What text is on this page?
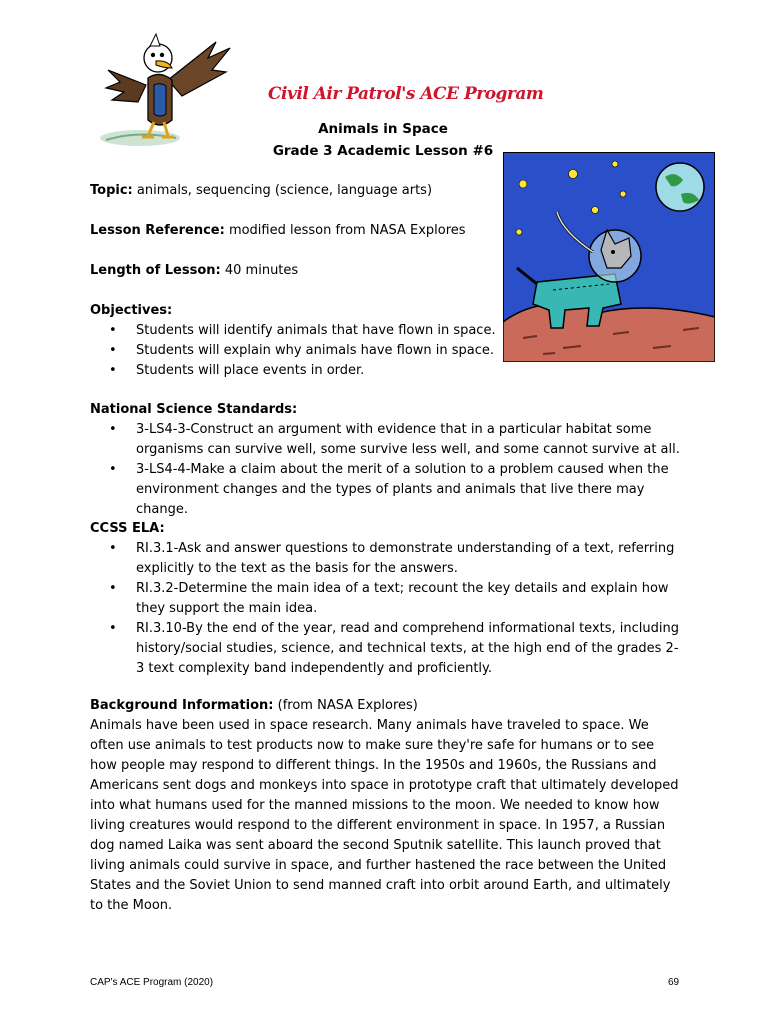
Civil Air Patrol's ACE Program
Animals in Space
Grade 3 Academic Lesson #6
Topic: animals, sequencing (science, language arts)
Lesson Reference: modified lesson from NASA Explores
Length of Lesson: 40 minutes
Objectives:
• Students will identify animals that have flown in space.
• Students will explain why animals have flown in space.
• Students will place events in order.
National Science Standards:
• 3-LS4-3-Construct an argument with evidence that in a particular habitat some organisms can survive well, some survive less well, and some cannot survive at all.
• 3-LS4-4-Make a claim about the merit of a solution to a problem caused when the environment changes and the types of plants and animals that live there may change.
CCSS ELA:
• RI.3.1-Ask and answer questions to demonstrate understanding of a text, referring explicitly to the text as the basis for the answers.
• RI.3.2-Determine the main idea of a text; recount the key details and explain how they support the main idea.
• RI.3.10-By the end of the year, read and comprehend informational texts, including history/social studies, science, and technical texts, at the high end of the grades 2-3 text complexity band independently and proficiently.
Background Information: (from NASA Explores)

Animals have been used in space research. Many animals have traveled to space. We often use animals to test products now to make sure they're safe for humans or to see how people may respond to different things. In the 1950s and 1960s, the Russians and Americans sent dogs and monkeys into space in prototype craft that ultimately developed into what humans used for the manned missions to the moon. We needed to know how living creatures would respond to the different environment in space. In 1957, a Russian dog named Laika was sent aboard the second Sputnik satellite. This launch proved that living animals could survive in space, and further hastened the race between the United States and the Soviet Union to send manned craft into orbit around Earth, and ultimately to the Moon.

CAP's ACE Program (2020)	69
